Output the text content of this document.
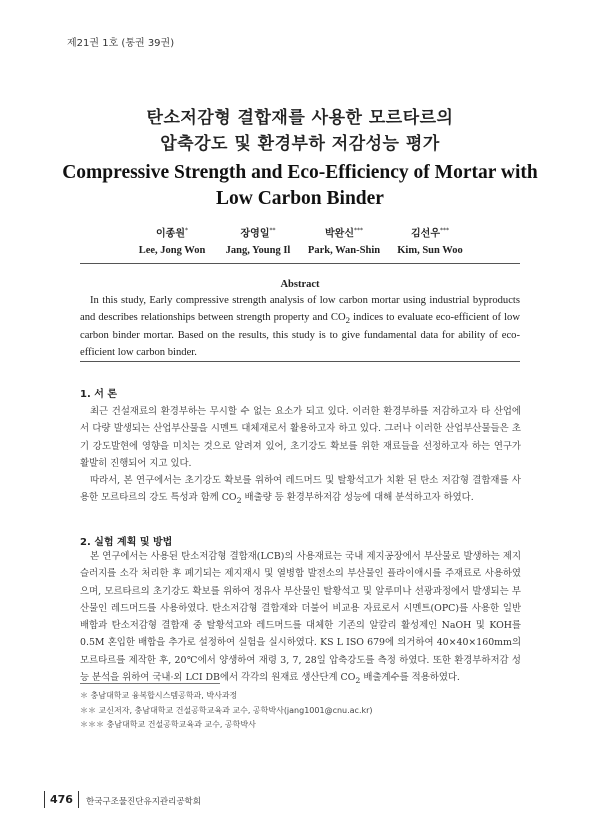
제21권 1호 (통권 39권)
탄소저감형 결합재를 사용한 모르타르의
압축강도 및 환경부하 저감성능 평가
Compressive Strength and Eco-Efficiency of Mortar with
Low Carbon Binder
이종원*
Lee, Jong Won
장영일**
Jang, Young Il
박완신***
Park, Wan-Shin
김선우***
Kim, Sun Woo
Abstract

In this study, Early compressive strength analysis of low carbon mortar using industrial byproducts and describes relationships between strength property and $CO_2$ indices to evaluate eco-efficient of low carbon binder mortar. Based on the results, this study is to give fundamental data for ability of eco-efficient low carbon binder.

1. 서 론

최근 건설재료의 환경부하는 무시할 수 없는 요소가 되고 있다. 이러한 환경부하를 저감하고자 타 산업에서 다량 발생되는 산업부산물을 시멘트 대체재로서 활용하고자 하고 있다. 그러나 이러한 산업부산물들은 초기 강도발현에 영향을 미치는 것으로 알려져 있어, 초기강도 확보를 위한 재료들을 선정하고자 하는 연구가 활발히 진행되어 지고 있다.

따라서, 본 연구에서는 초기강도 확보를 위하여 레드머드 및 탈황석고가 치환 된 탄소 저감형 결합재를 사용한 모르타르의 강도 특성과 함께 $CO_2$ 배출량 등 환경부하저감 성능에 대해 분석하고자 하였다.

2. 실험 계획 및 방법

본 연구에서는 사용된 탄소저감형 결합재(LCB)의 사용재료는 국내 제지공장에서 부산물로 발생하는 제지슬러지를 소각 처리한 후 폐기되는 제지재시 및 열병합 발전소의 부산물인 플라이애시를 주재료로 사용하였으며, 모르타르의 초기강도 확보를 위하여 정유사 부산물인 탈황석고 및 알루미나 선광과정에서 발생되는 부산물인 레드머드를 사용하였다. 탄소저감형 결합재와 더불어 비교용 자료로서 시멘트(OPC)를 사용한 일반배합과 탄소저감형 결합재 중 탈황석고와 레드머드를 대체한 기존의 알칼리 활성제인 NaOH 및 KOH를 0.5M 혼입한 배합을 추가로 설정하여 실험을 실시하였다. KS L ISO 679에 의거하여 40×40×160mm의 모르타르를 제작한 후, 20℃에서 양생하여 재령 3, 7, 28일 압축강도를 측정 하였다. 또한 환경부하저감 성능 분석을 위하여 국내·외 LCI DB에서 각각의 원재료 생산단계 $CO_2$ 배출계수를 적용하였다.

＊ 충남대학교 융복합시스템공학과, 박사과정
＊＊ 교신저자, 충남대학교 건설공학교육과 교수, 공학박사(jang1001@cnu.ac.kr)
＊＊＊ 충남대학교 건설공학교육과 교수, 공학박사
476 한국구조물진단유지관리공학회
